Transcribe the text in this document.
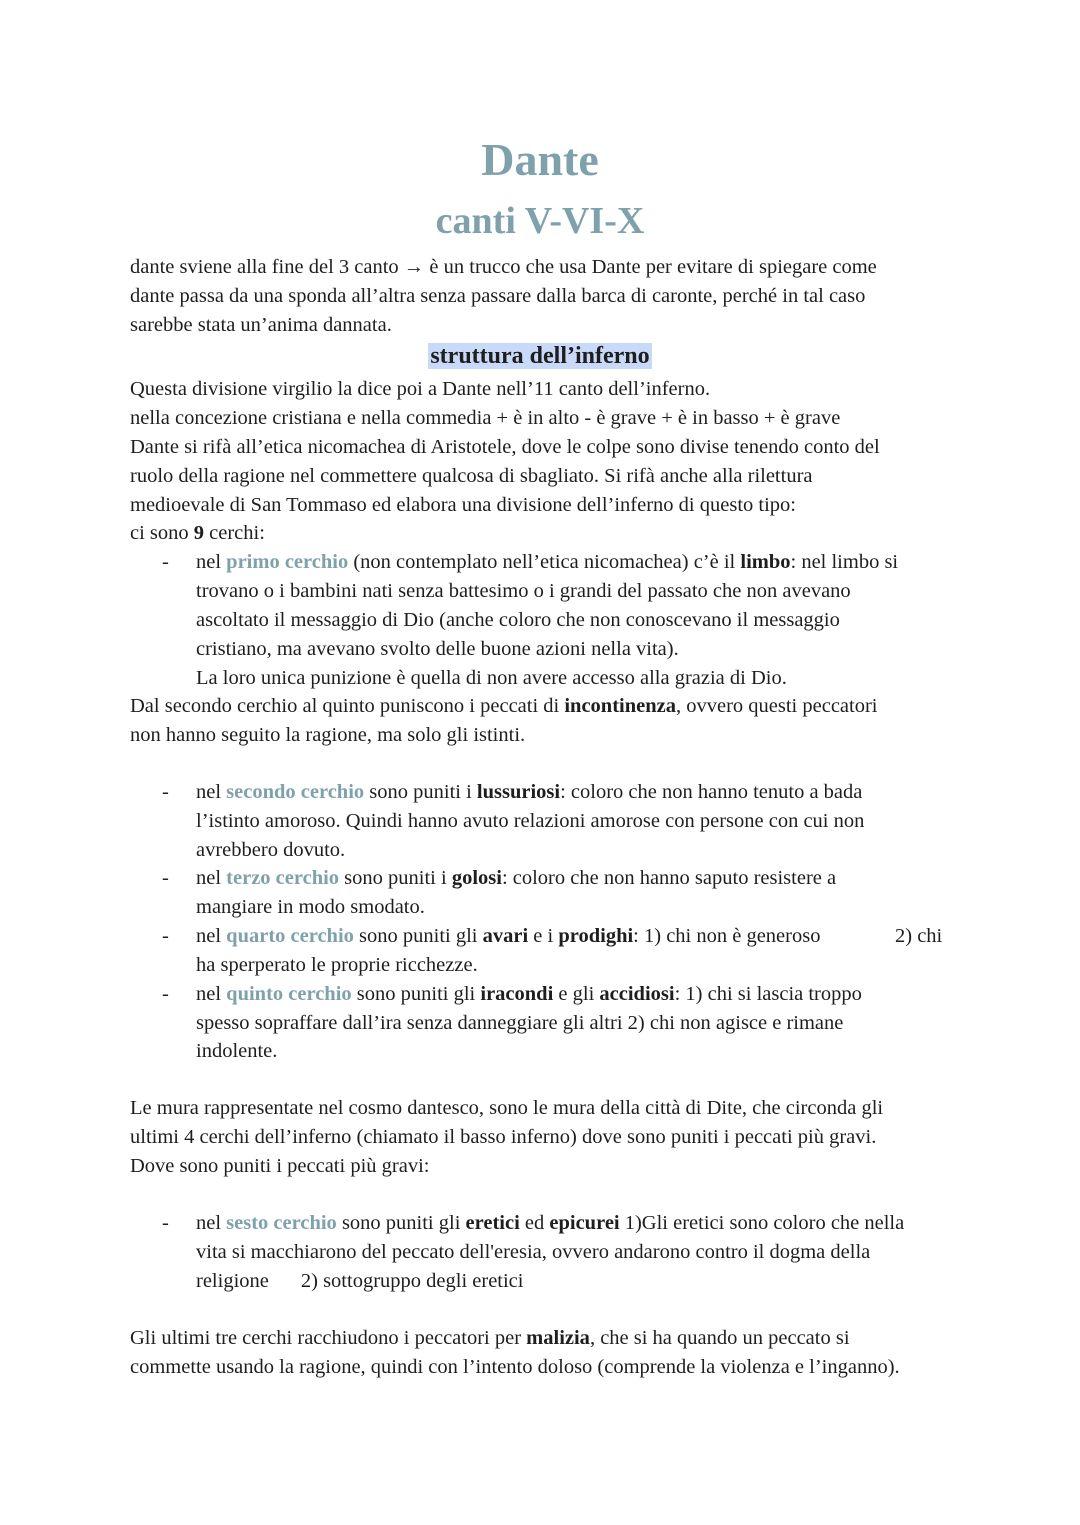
Dante
canti V-VI-X
dante sviene alla fine del 3 canto → è un trucco che usa Dante per evitare di spiegare come
dante passa da una sponda all’altra senza passare dalla barca di caronte, perché in tal caso
sarebbe stata un’anima dannata.
struttura dell’inferno
Questa divisione virgilio la dice poi a Dante nell’11 canto dell’inferno.
nella concezione cristiana e nella commedia + è in alto - è grave + è in basso + è grave
Dante si rifà all’etica nicomachea di Aristotele, dove le colpe sono divise tenendo conto del
ruolo della ragione nel commettere qualcosa di sbagliato. Si rifà anche alla rilettura
medioevale di San Tommaso ed elabora una divisione dell’inferno di questo tipo:
ci sono 9 cerchi:
- nel primo cerchio (non contemplato nell’etica nicomachea) c’è il limbo: nel limbo si
trovano o i bambini nati senza battesimo o i grandi del passato che non avevano
ascoltato il messaggio di Dio (anche coloro che non conoscevano il messaggio
cristiano, ma avevano svolto delle buone azioni nella vita).
La loro unica punizione è quella di non avere accesso alla grazia di Dio.
Dal secondo cerchio al quinto puniscono i peccati di incontinenza, ovvero questi peccatori
non hanno seguito la ragione, ma solo gli istinti.
- nel secondo cerchio sono puniti i lussuriosi: coloro che non hanno tenuto a bada
l’istinto amoroso. Quindi hanno avuto relazioni amorose con persone con cui non
avrebbero dovuto.
- nel terzo cerchio sono puniti i golosi: coloro che non hanno saputo resistere a
mangiare in modo smodato.
- nel quarto cerchio sono puniti gli avari e i prodighi: 1) chi non è generoso	2) chi
ha sperperato le proprie ricchezze.
- nel quinto cerchio sono puniti gli iracondi e gli accidiosi: 1) chi si lascia troppo
spesso sopraffare dall’ira senza danneggiare gli altri 2) chi non agisce e rimane
indolente.
Le mura rappresentate nel cosmo dantesco, sono le mura della città di Dite, che circonda gli
ultimi 4 cerchi dell’inferno (chiamato il basso inferno) dove sono puniti i peccati più gravi.
Dove sono puniti i peccati più gravi:
- nel sesto cerchio sono puniti gli eretici ed epicurei 1)Gli eretici sono coloro che nella
vita si macchiarono del peccato dell'eresia, ovvero andarono contro il dogma della
religione 2) sottogruppo degli eretici
Gli ultimi tre cerchi racchiudono i peccatori per malizia, che si ha quando un peccato si
commette usando la ragione, quindi con l’intento doloso (comprende la violenza e l’inganno).
